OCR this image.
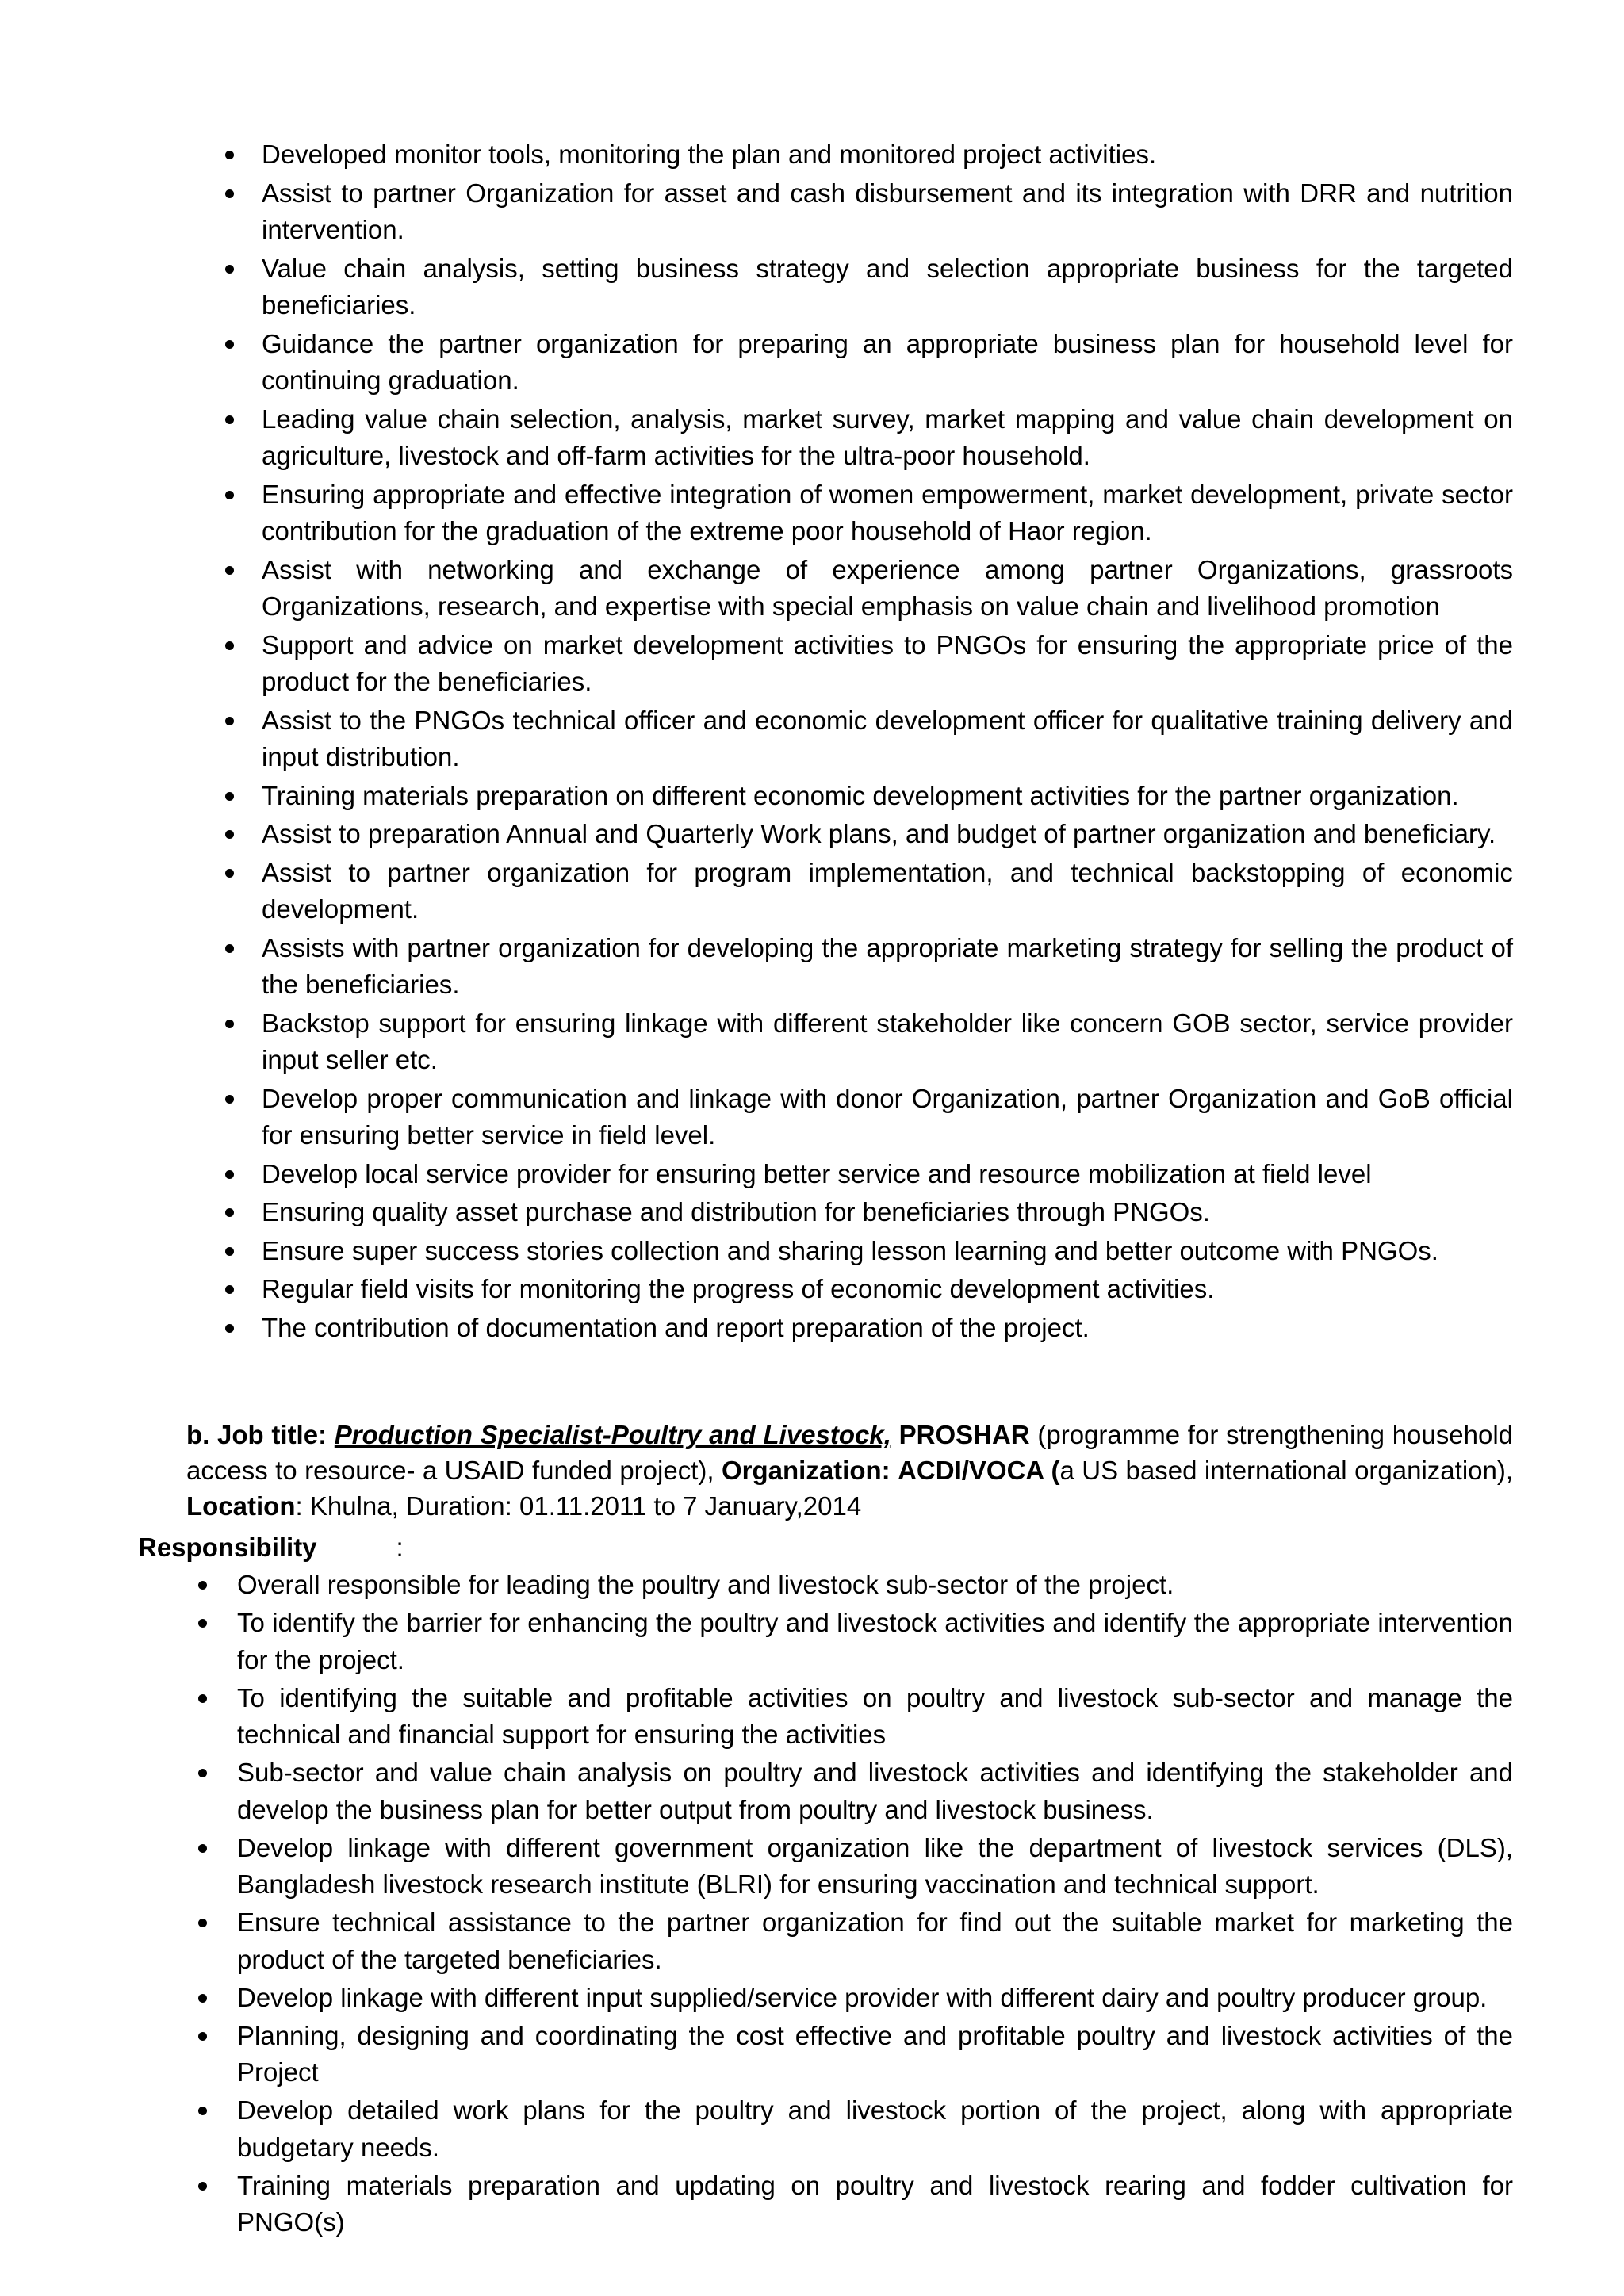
Developed monitor tools, monitoring the plan and monitored project activities.
Assist to partner Organization for asset and cash disbursement and its integration with DRR and nutrition intervention.
Value chain analysis, setting business strategy and selection appropriate business for the targeted beneficiaries.
Guidance the partner organization for preparing an appropriate business plan for household level for continuing graduation.
Leading value chain selection, analysis, market survey, market mapping and value chain development on agriculture, livestock and off-farm activities for the ultra-poor household.
Ensuring appropriate and effective integration of women empowerment, market development, private sector contribution for the graduation of the extreme poor household of Haor region.
Assist with networking and exchange of experience among partner Organizations, grassroots Organizations, research, and expertise with special emphasis on value chain and livelihood promotion
Support and advice on market development activities to PNGOs for ensuring the appropriate price of the product for the beneficiaries.
Assist to the PNGOs technical officer and economic development officer for qualitative training delivery and input distribution.
Training materials preparation on different economic development activities for the partner organization.
Assist to preparation Annual and Quarterly Work plans, and budget of partner organization and beneficiary.
Assist to partner organization for program implementation, and technical backstopping of economic development.
Assists with partner organization for developing the appropriate marketing strategy for selling the product of the beneficiaries.
Backstop support for ensuring linkage with different stakeholder like concern GOB sector, service provider input seller etc.
Develop proper communication and linkage with donor Organization, partner Organization and GoB official for ensuring better service in field level.
Develop local service provider for ensuring better service and resource mobilization at field level
Ensuring quality asset purchase and distribution for beneficiaries through PNGOs.
Ensure super success stories collection and sharing lesson learning and better outcome with PNGOs.
Regular field visits for monitoring the progress of economic development activities.
The contribution of documentation and report preparation of the project.
b. Job title: Production Specialist-Poultry and Livestock, PROSHAR (programme for strengthening household access to resource- a USAID funded project), Organization: ACDI/VOCA (a US based international organization), Location: Khulna, Duration: 01.11.2011 to 7 January,2014
Responsibility	:
Overall responsible for leading the poultry and livestock sub-sector of the project.
To identify the barrier for enhancing the poultry and livestock activities and identify the appropriate intervention for the project.
To identifying the suitable and profitable activities on poultry and livestock sub-sector and manage the technical and financial support for ensuring the activities
Sub-sector and value chain analysis on poultry and livestock activities and identifying the stakeholder and develop the business plan for better output from poultry and livestock business.
Develop linkage with different government organization like the department of livestock services (DLS), Bangladesh livestock research institute (BLRI) for ensuring vaccination and technical support.
Ensure technical assistance to the partner organization for find out the suitable market for marketing the product of the targeted beneficiaries.
Develop linkage with different input supplied/service provider with different dairy and poultry producer group.
Planning, designing and coordinating the cost effective and profitable poultry and livestock activities of the Project
Develop detailed work plans for the poultry and livestock portion of the project, along with appropriate budgetary needs.
Training materials preparation and updating on poultry and livestock rearing and fodder cultivation for PNGO(s)
